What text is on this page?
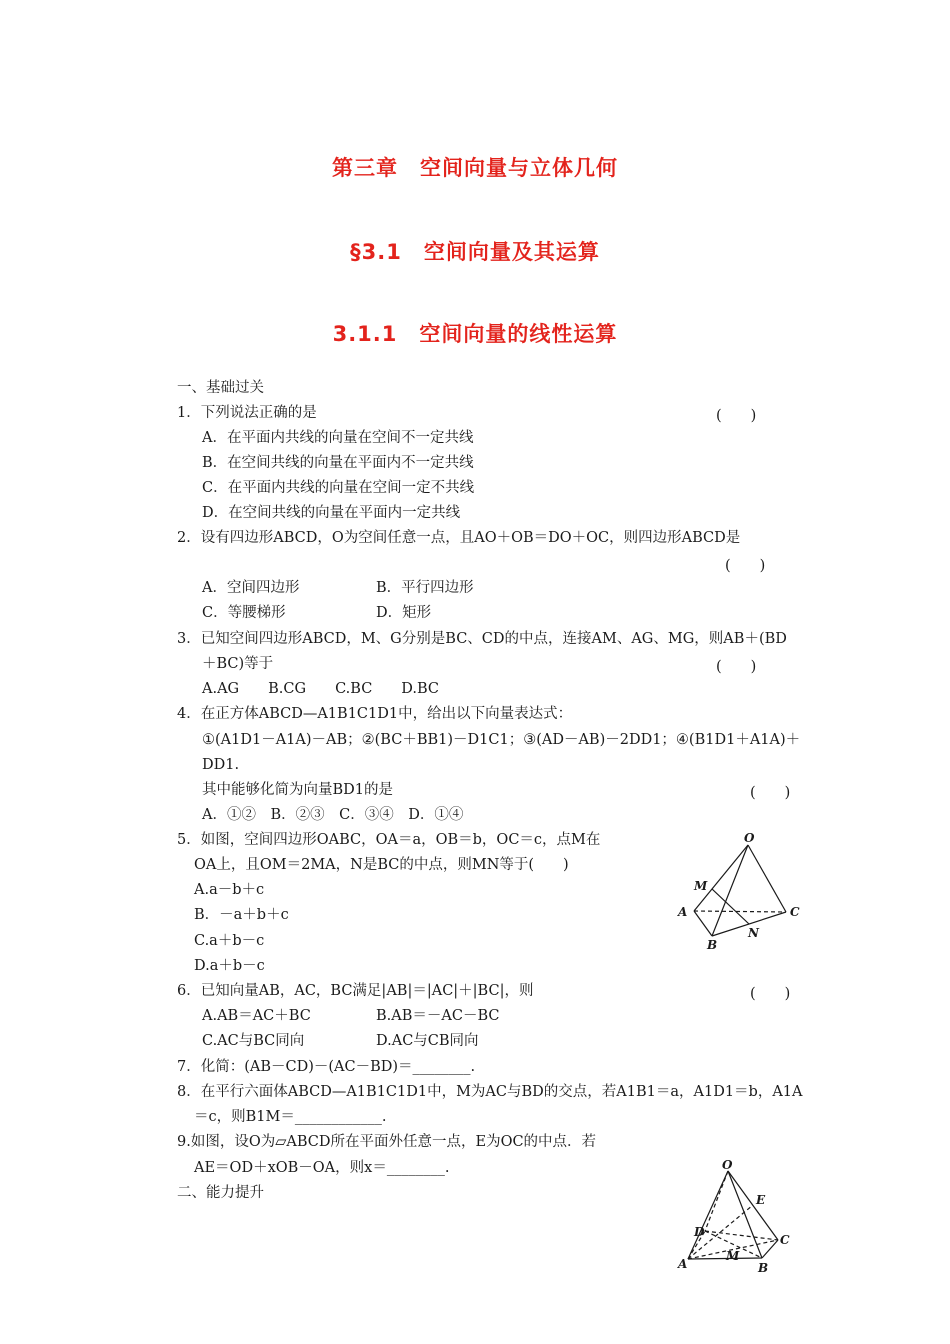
第三章　空间向量与立体几何
§3.1　空间向量及其运算
3.1.1　空间向量的线性运算
一、基础过关
1．下列说法正确的是	(　　)
A．在平面内共线的向量在空间不一定共线
B．在空间共线的向量在平面内不一定共线
C．在平面内共线的向量在空间一定不共线
D．在空间共线的向量在平面内一定共线
2．设有四边形ABCD，O为空间任意一点，且AO＋OB＝DO＋OC，则四边形ABCD是
(　　)
A．空间四边形	B．平行四边形
C．等腰梯形	D．矩形
3．已知空间四边形ABCD，M、G分别是BC、CD的中点，连接AM、AG、MG，则AB＋(BD
＋BC)等于	(　　)
A.AG　　B.CG　　C.BC　　D.BC
4．在正方体ABCD—A1B1C1D1中，给出以下向量表达式：
①(A1D1－A1A)－AB；②(BC＋BB1)－D1C1；③(AD－AB)－2DD1；④(B1D1＋A1A)＋
DD1.
其中能够化简为向量BD1的是	(　　)
A．①②　B．②③　C．③④　D．①④
5．如图，空间四边形OABC，OA＝a，OB＝b，OC＝c，点M在
OA上，且OM＝2MA，N是BC的中点，则MN等于(　　)
A.a－b＋c
B．－a＋b＋c
C.a＋b－c
D.a＋b－c
O
M
A
B
N
C
6．已知向量AB，AC，BC满足|AB|＝|AC|＋|BC|，则	(　　)
A.AB＝AC＋BC	B.AB＝－AC－BC
C.AC与BC同向	D.AC与CB同向
7．化简：(AB－CD)－(AC－BD)＝________.
8．在平行六面体ABCD—A1B1C1D1中，M为AC与BD的交点，若A1B1＝a，A1D1＝b，A1A
＝c，则B1M＝____________.
9.如图，设O为▱ABCD所在平面外任意一点，E为OC的中点．若
AE＝OD＋xOB－OA，则x＝________.
二、能力提升
O
E
D
C
A
M
B
